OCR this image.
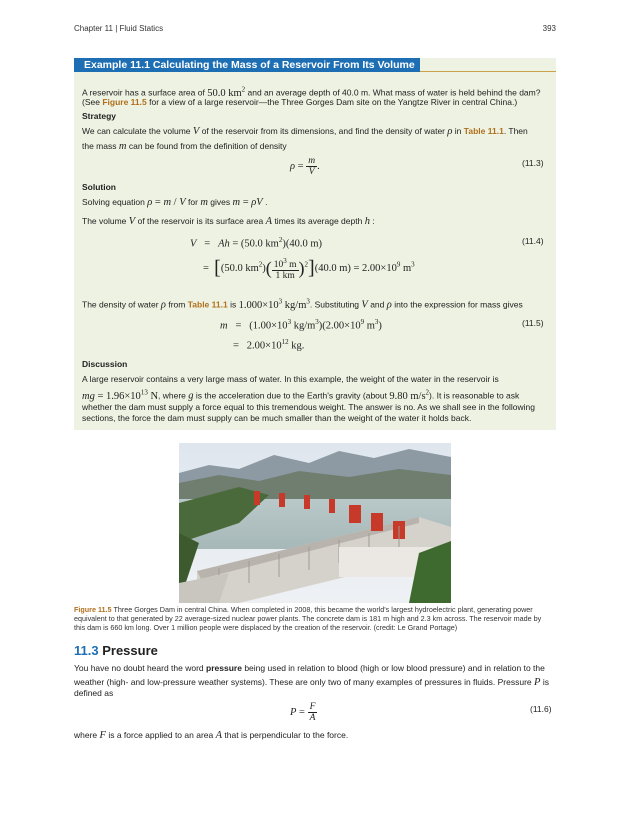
Chapter 11 | Fluid Statics	393
Example 11.1 Calculating the Mass of a Reservoir From Its Volume
A reservoir has a surface area of 50.0 $km^2$ and an average depth of 40.0 m. What mass of water is held behind the dam?
(See Figure 11.5 for a view of a large reservoir—the Three Gorges Dam site on the Yangtze River in central China.)
Strategy
We can calculate the volume V of the reservoir from its dimensions, and find the density of water ρ in Table 11.1. Then
the mass m can be found from the definition of density
$\rho = \frac{m}{V}$ .	(11.3)
Solution
Solving equation ρ = m / V for m gives m = ρV .
The volume V of the reservoir is its surface area A times its average depth h :
V   =   Ah = (50.0 $km^2)(40.0$ m)	(11.4)
=  [(50.0 $km^2)( \frac{10^3 m}{1 km} )^2](40.0$ $m) = 2.00\times 10^9$ $m^3$
The density of water ρ from Table 11.1 is $1.000\times 10^3$ $kg/m^3$. Substituting V and ρ into the expression for mass gives
$m = (1.00\times 10^3$ $kg/m^3)(2.00\times 10^9$ $m^3$)	(11.5)
=   $2.00\times 10^{12}$ kg.
Discussion
A large reservoir contains a very large mass of water. In this example, the weight of the water in the reservoir is
mg = $1.96\times 10^{13}$ N, where g is the acceleration due to the Earth's gravity (about 9.80 $m/s^2$). It is reasonable to ask
whether the dam must supply a force equal to this tremendous weight. The answer is no. As we shall see in the following
sections, the force the dam must supply can be much smaller than the weight of the water it holds back.
Figure 11.5 Three Gorges Dam in central China. When completed in 2008, this became the world's largest hydroelectric plant, generating power
equivalent to that generated by 22 average-sized nuclear power plants. The concrete dam is 181 m high and 2.3 km across. The reservoir made by
this dam is 660 km long. Over 1 million people were displaced by the creation of the reservoir. (credit: Le Grand Portage)
11.3 Pressure
You have no doubt heard the word pressure being used in relation to blood (high or low blood pressure) and in relation to the
weather (high- and low-pressure weather systems). These are only two of many examples of pressures in fluids. Pressure P is
defined as
$P = \frac{F}{A}$	(11.6)
where F is a force applied to an area A that is perpendicular to the force.
